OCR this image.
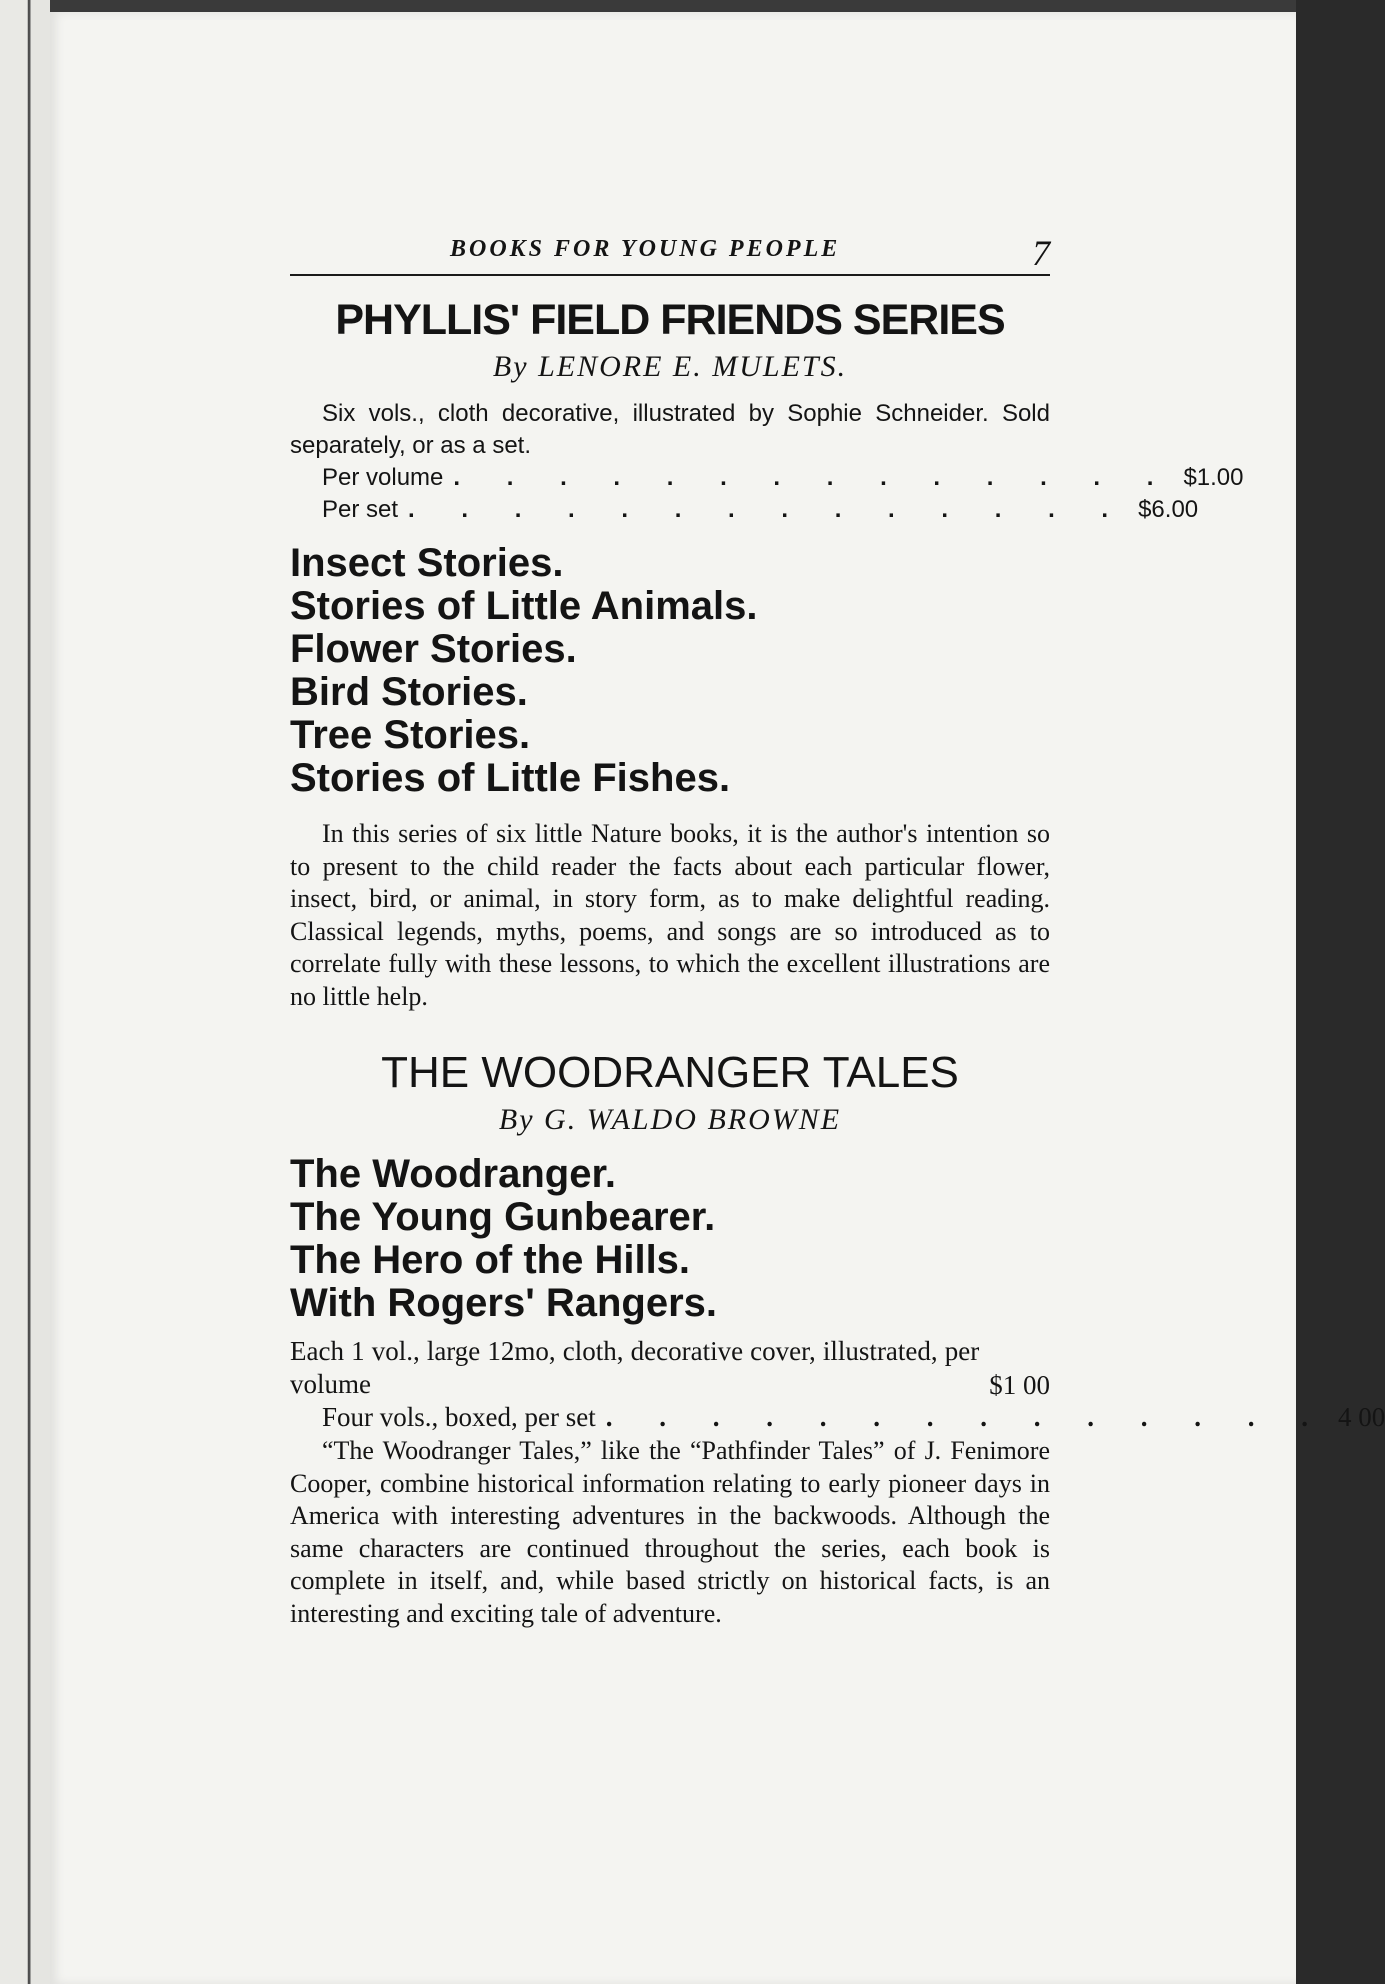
BOOKS FOR YOUNG PEOPLE	7
PHYLLIS' FIELD FRIENDS SERIES
By LENORE E. MULETS.

Six vols., cloth decorative, illustrated by Sophie Schneider. Sold separately, or as a set.

Per volume . . . . . . . . . . . . . . $1.00
Per set . . . . . . . . . . . . . . $6.00
Insect Stories.
Stories of Little Animals.
Flower Stories.
Bird Stories.
Tree Stories.
Stories of Little Fishes.

In this series of six little Nature books, it is the author's intention so to present to the child reader the facts about each particular flower, insect, bird, or animal, in story form, as to make delightful reading. Classical legends, myths, poems, and songs are so introduced as to correlate fully with these lessons, to which the excellent illustrations are no little help.

THE WOODRANGER TALES
By G. WALDO BROWNE
The Woodranger.
The Young Gunbearer.
The Hero of the Hills.
With Rogers' Rangers.
Each 1 vol., large 12mo, cloth, decorative cover, illustrated, per volume	$1 00
Four vols., boxed, per set . . . . . . . . . . . . . . 4 00

“The Woodranger Tales,” like the “Pathfinder Tales” of J. Fenimore Cooper, combine historical information relating to early pioneer days in America with interesting adventures in the backwoods. Although the same characters are continued throughout the series, each book is complete in itself, and, while based strictly on historical facts, is an interesting and exciting tale of adventure.
